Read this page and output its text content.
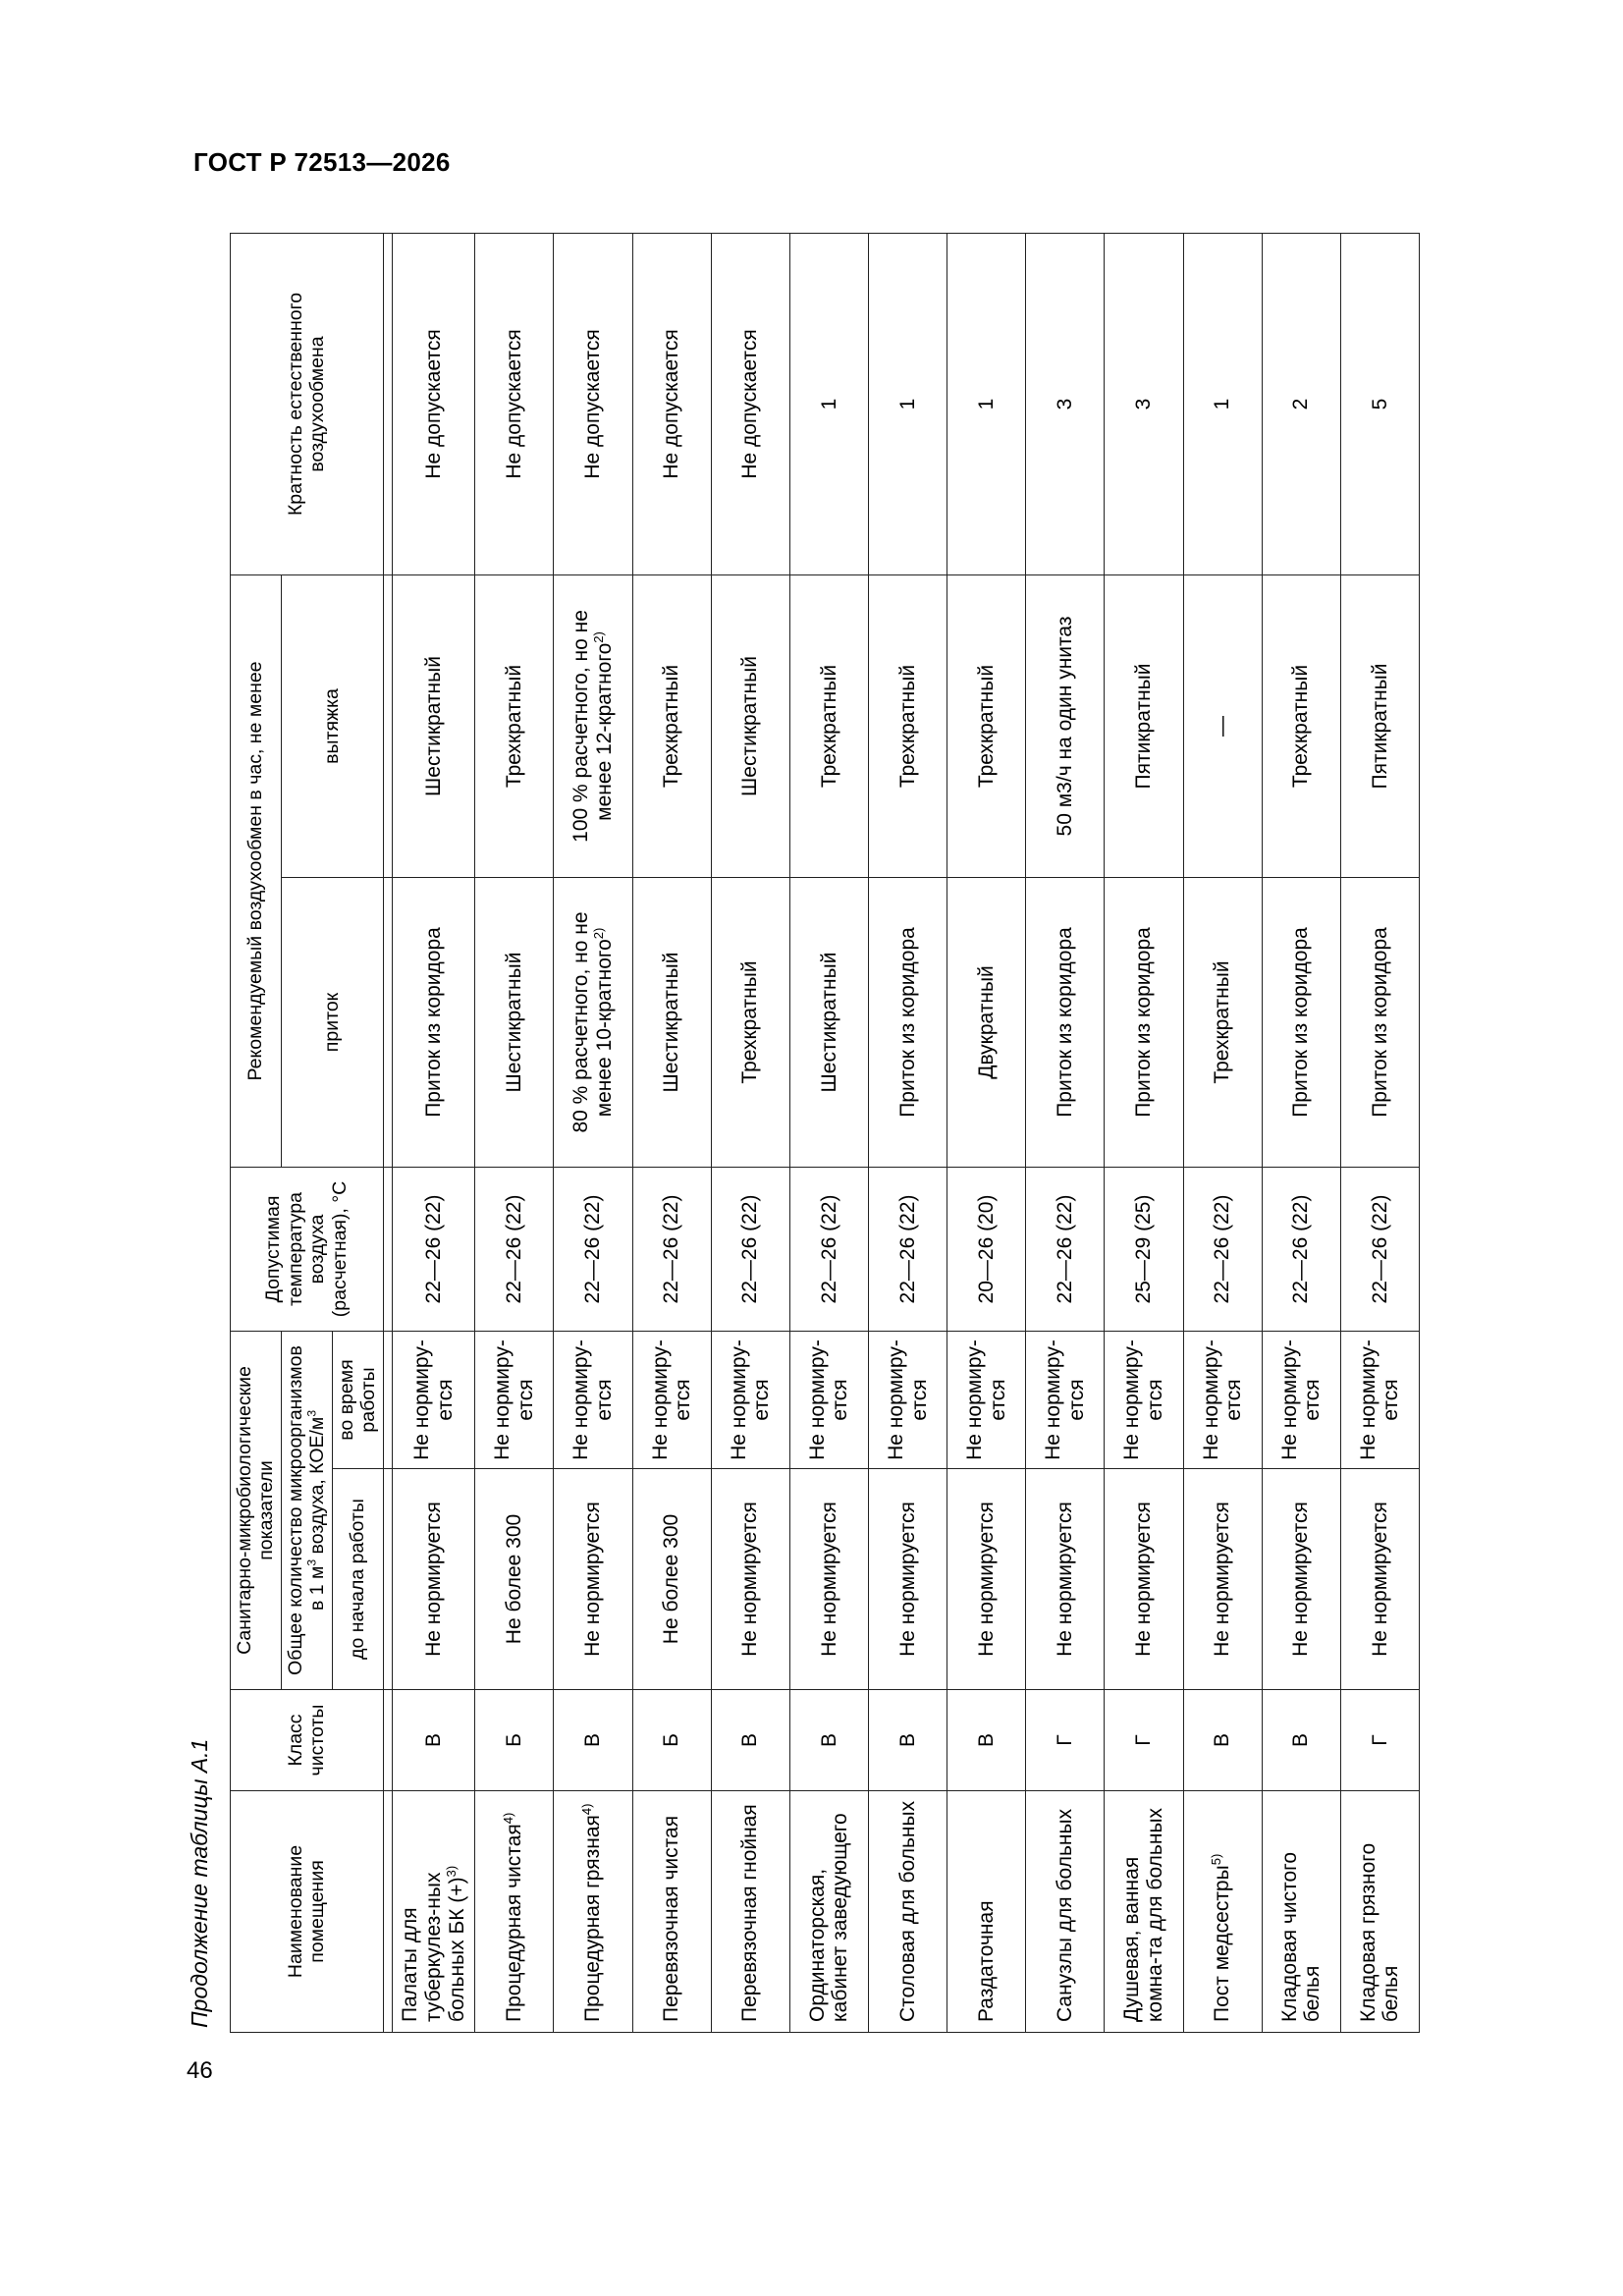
ГОСТ Р 72513—2026
Продолжение таблицы А.1
46
Наименование помещения	Класс чистоты	Санитарно-микробиологические показатели		Допустимая температура воздуха (расчетная), °С	Рекомендуемый воздухообмен в час, не менее		Кратность естественного воздухообмена
		Общее количество микроорганизмов в 1 $м^3$ воздуха, КОЕ/$м^3$			приток	вытяжка	
		до начала работы	во время работы				

Палаты для туберкулез-ных больных БК $(+)^{3)}$	В	Не нормируется	Не нормиру-ется	22—26 (22)	Приток из коридора	Шестикратный	Не допускается
Процедурная чистая$^{4)}$	Б	Не более 300	Не нормиру-ется	22—26 (22)	Шестикратный	Трехкратный	Не допускается
Процедурная грязная$^{4)}$	В	Не нормируется	Не нормиру-ется	22—26 (22)	80 % расчетного, но не менее 10-кратного$^{2)}$	100 % расчетного, но не менее 12-кратного$^{2)}$	Не допускается
Перевязочная чистая	Б	Не более 300	Не нормиру-ется	22—26 (22)	Шестикратный	Трехкратный	Не допускается
Перевязочная гнойная	В	Не нормируется	Не нормиру-ется	22—26 (22)	Трехкратный	Шестикратный	Не допускается
Ординаторская, кабинет заведующего	В	Не нормируется	Не нормиру-ется	22—26 (22)	Шестикратный	Трехкратный	1
Столовая для больных	В	Не нормируется	Не нормиру-ется	22—26 (22)	Приток из коридора	Трехкратный	1
Раздаточная	В	Не нормируется	Не нормиру-ется	20—26 (20)	Двукратный	Трехкратный	1
Санузлы для больных	Г	Не нормируется	Не нормиру-ется	22—26 (22)	Приток из коридора	50 м3/ч на один унитаз	3
Душевая, ванная комна-та для больных	Г	Не нормируется	Не нормиру-ется	25—29 (25)	Приток из коридора	Пятикратный	3
Пост медсестры$^{5)}$	В	Не нормируется	Не нормиру-ется	22—26 (22)	Трехкратный	—	1
Кладовая чистого белья	В	Не нормируется	Не нормиру-ется	22—26 (22)	Приток из коридора	Трехкратный	2
Кладовая грязного белья	Г	Не нормируется	Не нормиру-ется	22—26 (22)	Приток из коридора	Пятикратный	5
